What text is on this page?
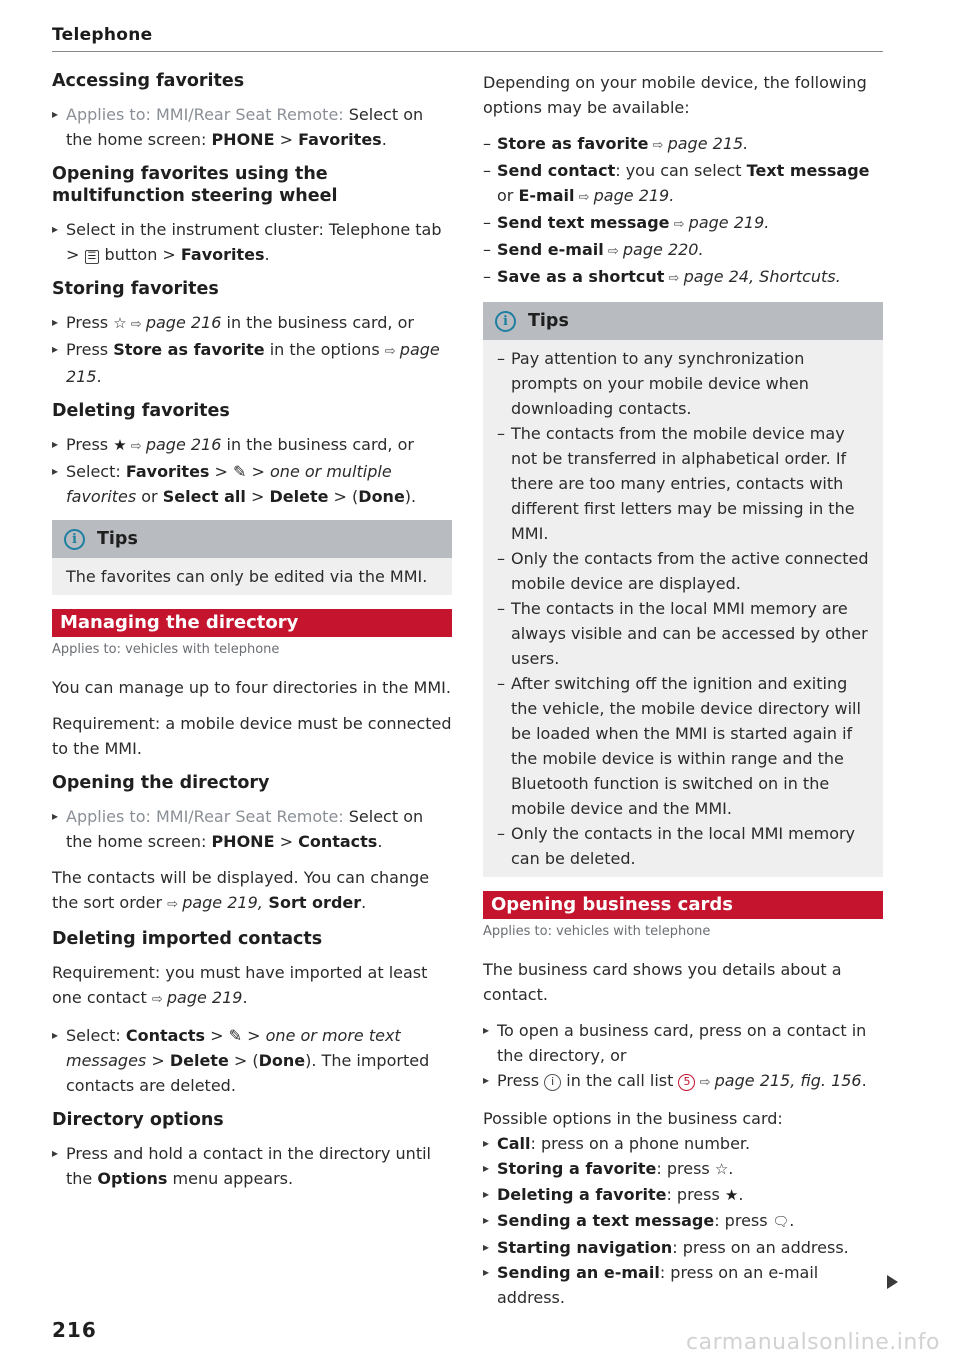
Telephone
Accessing favorites
▸ Applies to: MMI/Rear Seat Remote: Select on the home screen: PHONE > Favorites.
Opening favorites using the multifunction steering wheel
▸ Select in the instrument cluster: Telephone tab > ☰ button > Favorites.
Storing favorites
▸ Press ☆ ⇨ page 216 in the business card, or
▸ Press Store as favorite in the options ⇨ page 215.
Deleting favorites
▸ Press ★ ⇨ page 216 in the business card, or
▸ Select: Favorites > ✎ > one or multiple favorites or Select all > Delete > (Done).
i	Tips
The favorites can only be edited via the MMI.
Managing the directory
Applies to: vehicles with telephone

You can manage up to four directories in the MMI.

Requirement: a mobile device must be connected to the MMI.

Opening the directory
▸ Applies to: MMI/Rear Seat Remote: Select on the home screen: PHONE > Contacts.

The contacts will be displayed. You can change the sort order ⇨ page 219, Sort order.

Deleting imported contacts

Requirement: you must have imported at least one contact ⇨ page 219.

▸ Select: Contacts > ✎ > one or more text messages > Delete > (Done). The imported contacts are deleted.
Directory options
▸ Press and hold a contact in the directory until the Options menu appears.

Depending on your mobile device, the following options may be available:

– Store as favorite ⇨ page 215.
– Send contact: you can select Text message or E-mail ⇨ page 219.
– Send text message ⇨ page 219.
– Send e-mail ⇨ page 220.
– Save as a shortcut ⇨ page 24, Shortcuts.
i	Tips
– Pay attention to any synchronization prompts on your mobile device when downloading contacts.
– The contacts from the mobile device may not be transferred in alphabetical order. If there are too many entries, contacts with different first letters may be missing in the MMI.
– Only the contacts from the active connected mobile device are displayed.
– The contacts in the local MMI memory are always visible and can be accessed by other users.
– After switching off the ignition and exiting the vehicle, the mobile device directory will be loaded when the MMI is started again if the mobile device is within range and the Bluetooth function is switched on in the mobile device and the MMI.
– Only the contacts in the local MMI memory can be deleted.
Opening business cards
Applies to: vehicles with telephone

The business card shows you details about a contact.

▸ To open a business card, press on a contact in the directory, or
▸ Press i in the call list 5 ⇨ page 215, fig. 156.

Possible options in the business card:

▸ Call: press on a phone number.
▸ Storing a favorite: press ☆.
▸ Deleting a favorite: press ★.
▸ Sending a text message: press 🗨.
▸ Starting navigation: press on an address.
▸ Sending an e-mail: press on an e-mail address.
216	carmanualsonline.info
